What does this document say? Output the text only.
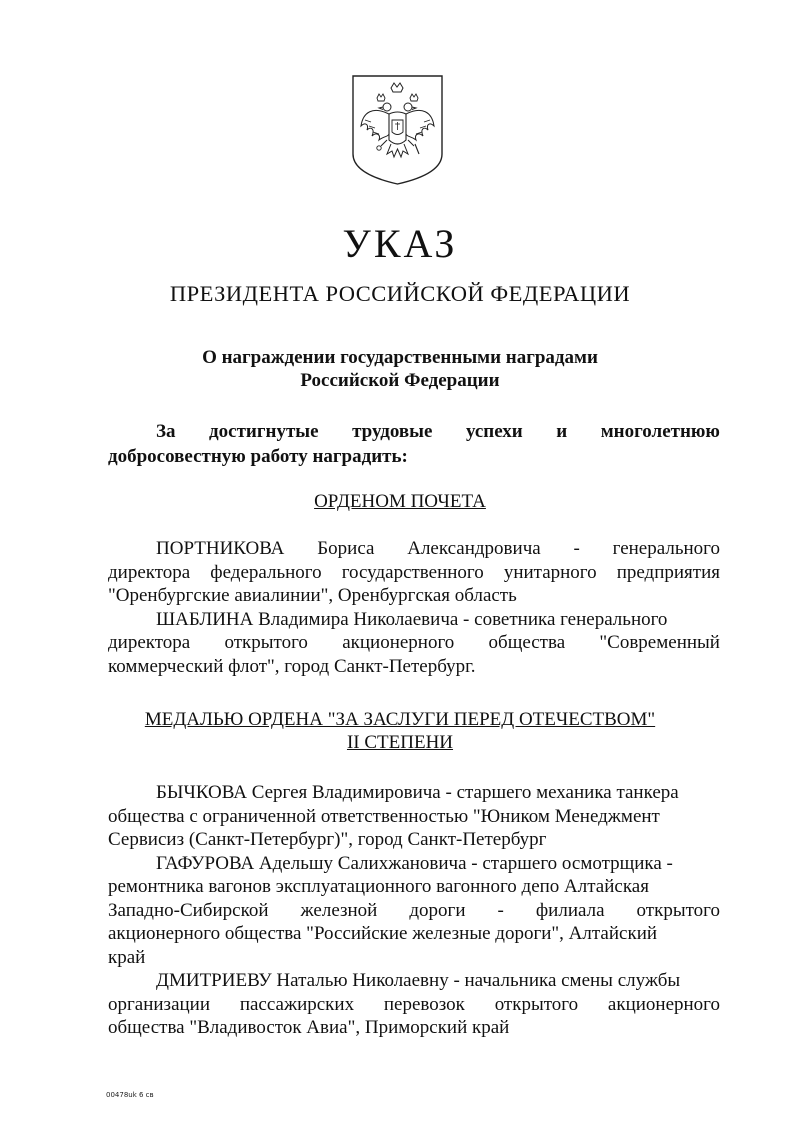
УКАЗ
ПРЕЗИДЕНТА РОССИЙСКОЙ ФЕДЕРАЦИИ
О награждении государственными наградами
Российской Федерации
За достигнутые трудовые успехи и многолетнюю
добросовестную работу наградить:
ОРДЕНОМ ПОЧЕТА
ПОРТНИКОВА Бориса Александровича - генерального
директора федерального государственного унитарного предприятия
"Оренбургские авиалинии", Оренбургская область
ШАБЛИНА Владимира Николаевича - советника генерального
директора открытого акционерного общества "Современный
коммерческий флот", город Санкт-Петербург.
МЕДАЛЬЮ ОРДЕНА "ЗА ЗАСЛУГИ ПЕРЕД ОТЕЧЕСТВОМ"
II СТЕПЕНИ
БЫЧКОВА Сергея Владимировича - старшего механика танкера
общества с ограниченной ответственностью "Юником Менеджмент
Сервисиз (Санкт-Петербург)", город Санкт-Петербург
ГАФУРОВА Адельшу Салихжановича - старшего осмотрщика -
ремонтника вагонов эксплуатационного вагонного депо Алтайская
Западно-Сибирской железной дороги - филиала открытого
акционерного общества "Российские железные дороги", Алтайский
край
ДМИТРИЕВУ Наталью Николаевну - начальника смены службы
организации пассажирских перевозок открытого акционерного
общества "Владивосток Авиа", Приморский край
00478uk 6 св
